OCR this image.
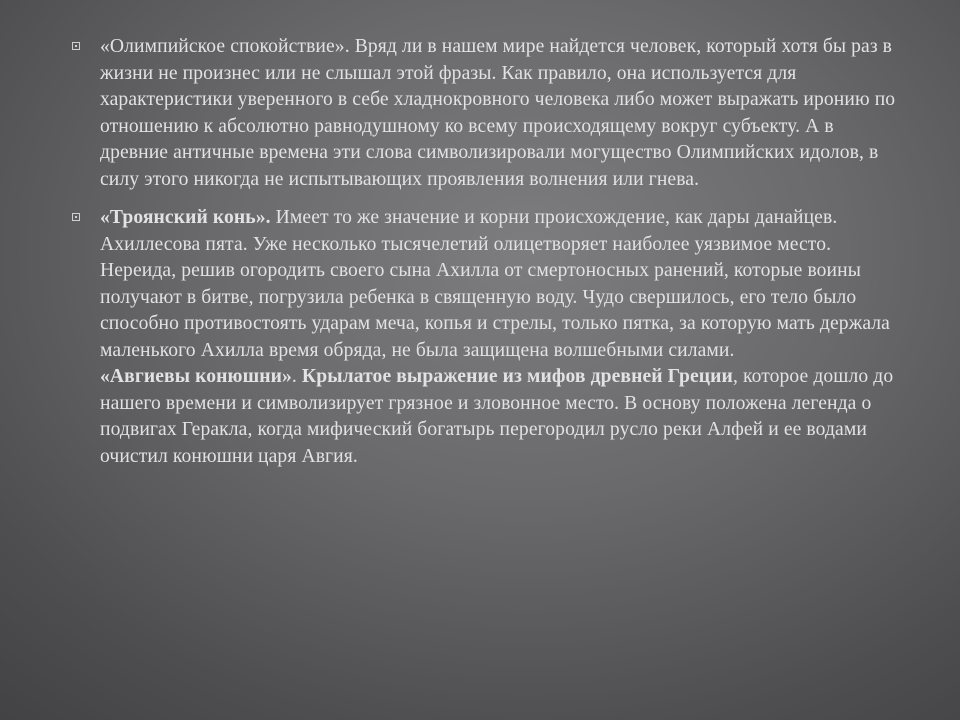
«Олимпийское спокойствие». Вряд ли в нашем мире найдется человек, который хотя бы раз в жизни не произнес или не слышал этой фразы. Как правило, она используется для характеристики уверенного в себе хладнокровного человека либо может выражать иронию по отношению к абсолютно равнодушному ко всему происходящему вокруг субъекту. А в древние античные времена эти слова символизировали могущество Олимпийских идолов, в силу этого никогда не испытывающих проявления волнения или гнева.
«Троянский конь». Имеет то же значение и корни происхождение, как дары данайцев.
Ахиллесова пята. Уже несколько тысячелетий олицетворяет наиболее уязвимое место. Нереида, решив огородить своего сына Ахилла от смертоносных ранений, которые воины получают в битве, погрузила ребенка в священную воду. Чудо свершилось, его тело было способно противостоять ударам меча, копья и стрелы, только пятка, за которую мать держала маленького Ахилла время обряда, не была защищена волшебными силами.
«Авгиевы конюшни». Крылатое выражение из мифов древней Греции, которое дошло до нашего времени и символизирует грязное и зловонное место. В основу положена легенда о подвигах Геракла, когда мифический богатырь перегородил русло реки Алфей и ее водами очистил конюшни царя Авгия.
